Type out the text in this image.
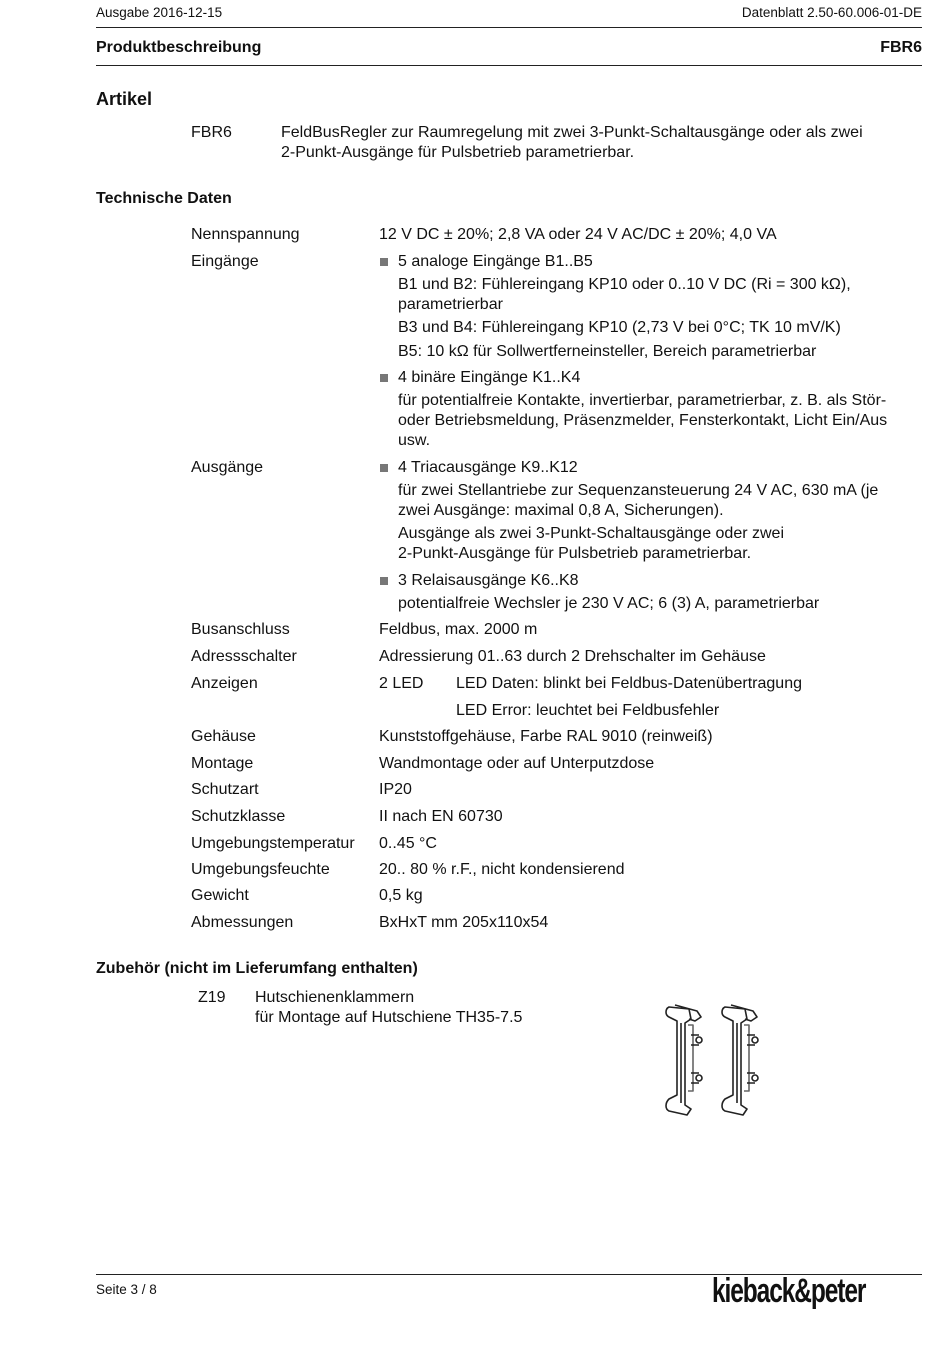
Ausgabe 2016-12-15	Datenblatt 2.50-60.006-01-DE
Produktbeschreibung	FBR6
Artikel
FBR6	FeldBusRegler zur Raumregelung mit zwei 3-Punkt-Schaltausgänge oder als zwei
2-Punkt-Ausgänge für Pulsbetrieb parametrierbar.
Technische Daten
Nennspannung	12 V DC ± 20%; 2,8 VA oder 24 V AC/DC ± 20%; 4,0 VA
Eingänge	5 analoge Eingänge B1..B5
B1 und B2: Fühlereingang KP10 oder 0..10 V DC (Ri = 300 kΩ),
parametrierbar
B3 und B4: Fühlereingang KP10 (2,73 V bei 0°C; TK 10 mV/K)
B5: 10 kΩ für Sollwertferneinsteller, Bereich parametrierbar
4 binäre Eingänge K1..K4
für potentialfreie Kontakte, invertierbar, parametrierbar, z. B. als Stör-
oder Betriebsmeldung, Präsenzmelder, Fensterkontakt, Licht Ein/Aus
usw.
Ausgänge	4 Triacausgänge K9..K12
für zwei Stellantriebe zur Sequenzansteuerung 24 V AC, 630 mA (je
zwei Ausgänge: maximal 0,8 A, Sicherungen).
Ausgänge als zwei 3-Punkt-Schaltausgänge oder zwei
2-Punkt-Ausgänge für Pulsbetrieb parametrierbar.
3 Relaisausgänge K6..K8
potentialfreie Wechsler je 230 V AC; 6 (3) A, parametrierbar
Busanschluss	Feldbus, max. 2000 m
Adressschalter	Adressierung 01..63 durch 2 Drehschalter im Gehäuse
Anzeigen	2 LED LED Daten: blinkt bei Feldbus-Datenübertragung
LED Error: leuchtet bei Feldbusfehler
Gehäuse	Kunststoffgehäuse, Farbe RAL 9010 (reinweiß)
Montage	Wandmontage oder auf Unterputzdose
Schutzart	IP20
Schutzklasse	II nach EN 60730
Umgebungstemperatur 0..45 °C
Umgebungsfeuchte	20.. 80 % r.F., nicht kondensierend
Gewicht	0,5 kg
Abmessungen	BxHxT mm 205x110x54
Zubehör (nicht im Lieferumfang enthalten)
Z19 Hutschienenklammern
für Montage auf Hutschiene TH35-7.5
Seite 3 / 8	kieback&peter
